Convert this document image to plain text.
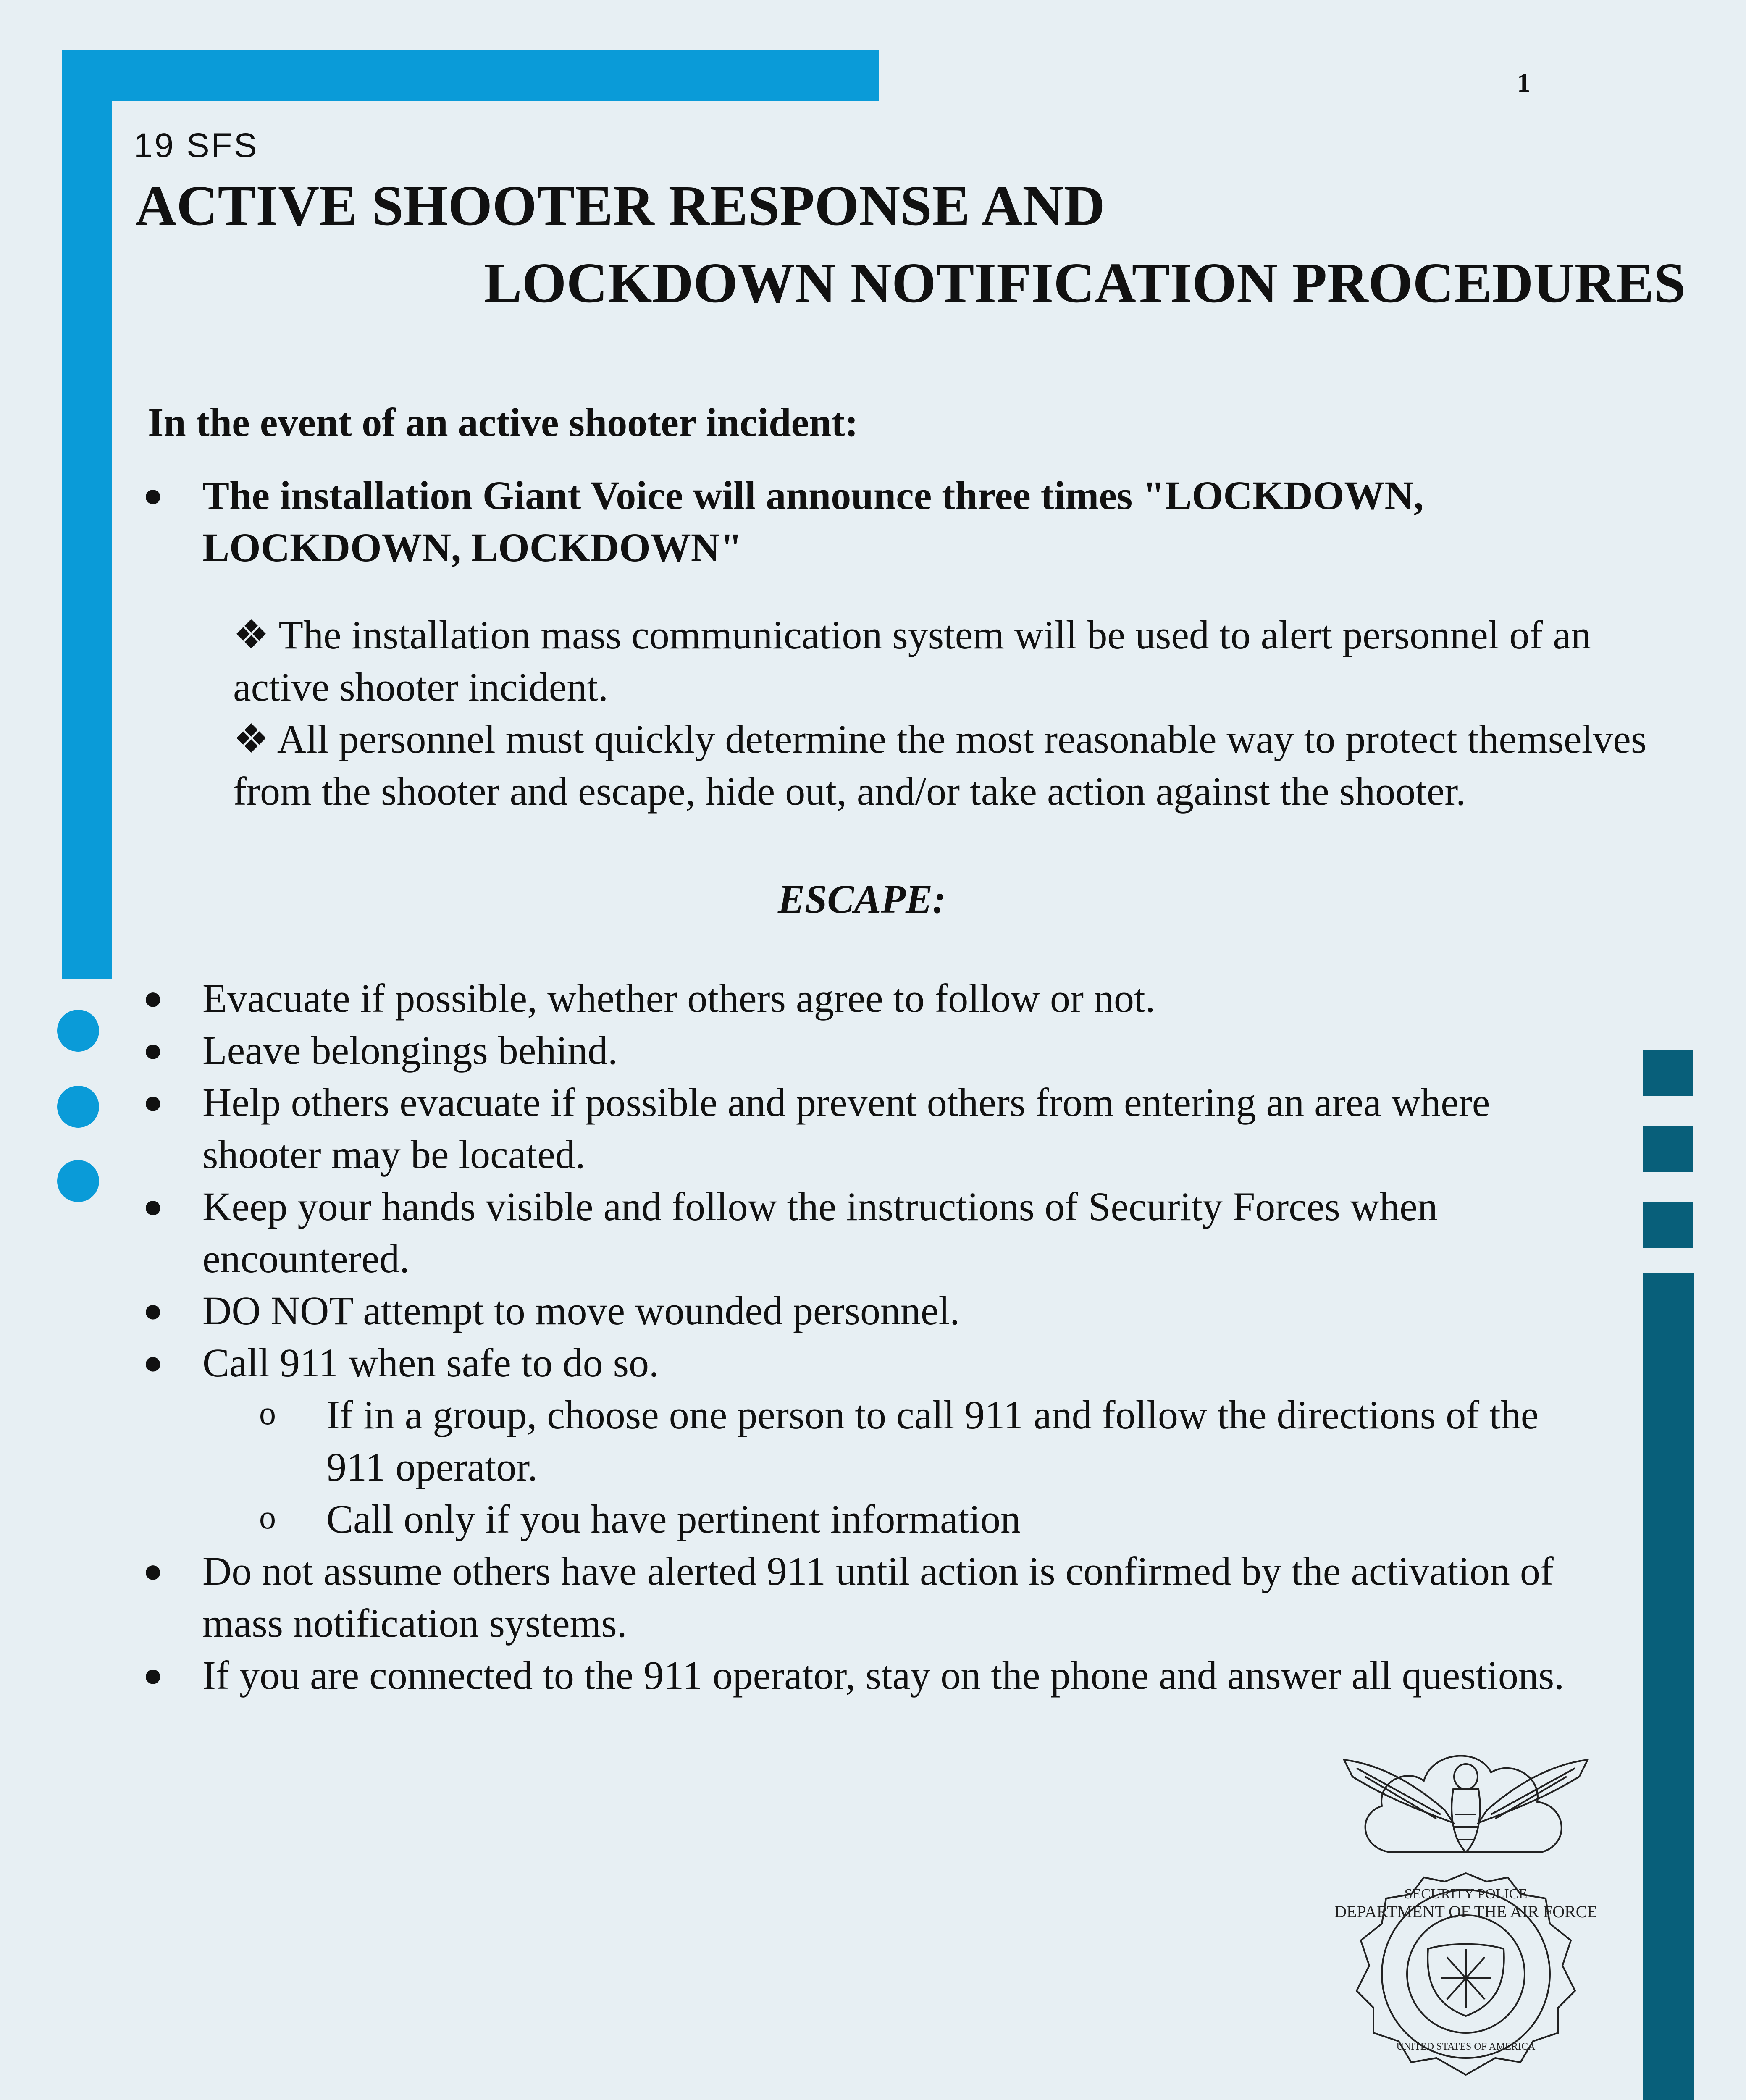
1
19 SFS
ACTIVE SHOOTER RESPONSE AND
LOCKDOWN NOTIFICATION PROCEDURES
In the event of an active shooter incident:
● The installation Giant Voice will announce three times "LOCKDOWN,
LOCKDOWN, LOCKDOWN"

❖ The installation mass communication system will be used to alert personnel of an active shooter incident.

❖ All personnel must quickly determine the most reasonable way to protect themselves from the shooter and escape, hide out, and/or take action against the shooter.

ESCAPE:
● Evacuate if possible, whether others agree to follow or not.
● Leave belongings behind.
● Help others evacuate if possible and prevent others from entering an area where shooter may be located.
● Keep your hands visible and follow the instructions of Security Forces when encountered.
● DO NOT attempt to move wounded personnel.
● Call 911 when safe to do so.
o If in a group, choose one person to call 911 and follow the directions of the 911 operator.
o Call only if you have pertinent information
● Do not assume others have alerted 911 until action is confirmed by the activation of mass notification systems.
● If you are connected to the 911 operator, stay on the phone and answer all questions.
SECURITY POLICE
DEPARTMENT OF THE AIR FORCE
UNITED STATES OF AMERICA
